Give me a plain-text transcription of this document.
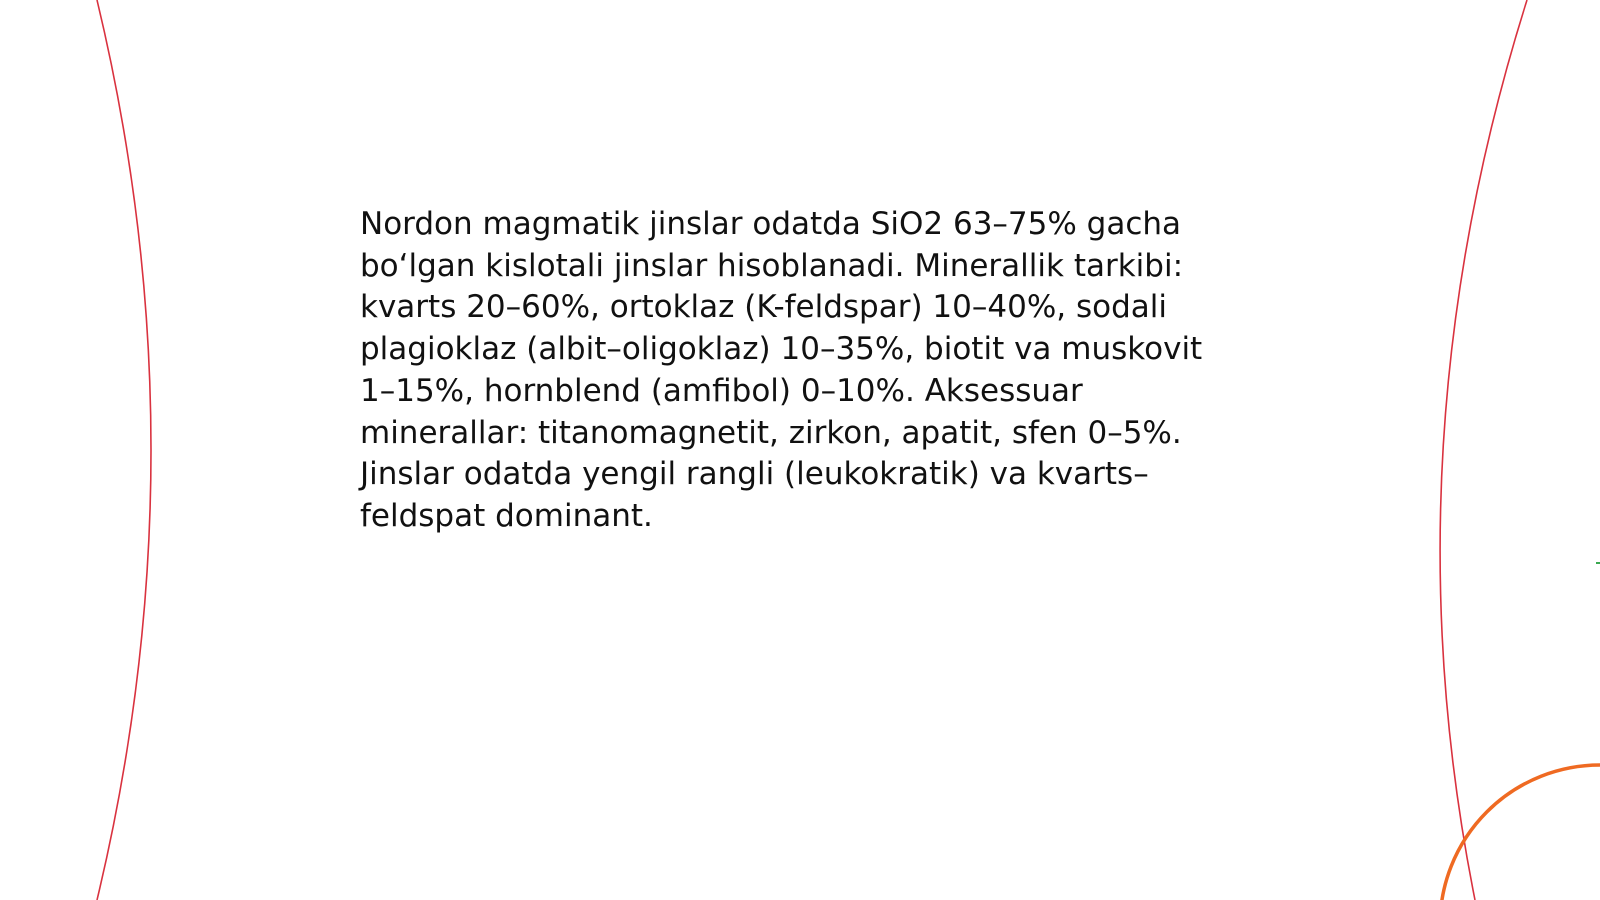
Nordon magmatik jinslar odatda SiO2 63–75% gacha bo‘lgan kislotali jinslar hisoblanadi. Minerallik tarkibi: kvarts 20–60%, ortoklaz (K-feldspar) 10–40%, sodali plagioklaz (albit–oligoklaz) 10–35%, biotit va muskovit 1–15%, hornblend (amfibol) 0–10%. Aksessuar minerallar: titanomagnetit, zirkon, apatit, sfen 0–5%. Jinslar odatda yengil rangli (leukokratik) va kvarts–feldspat dominant.
